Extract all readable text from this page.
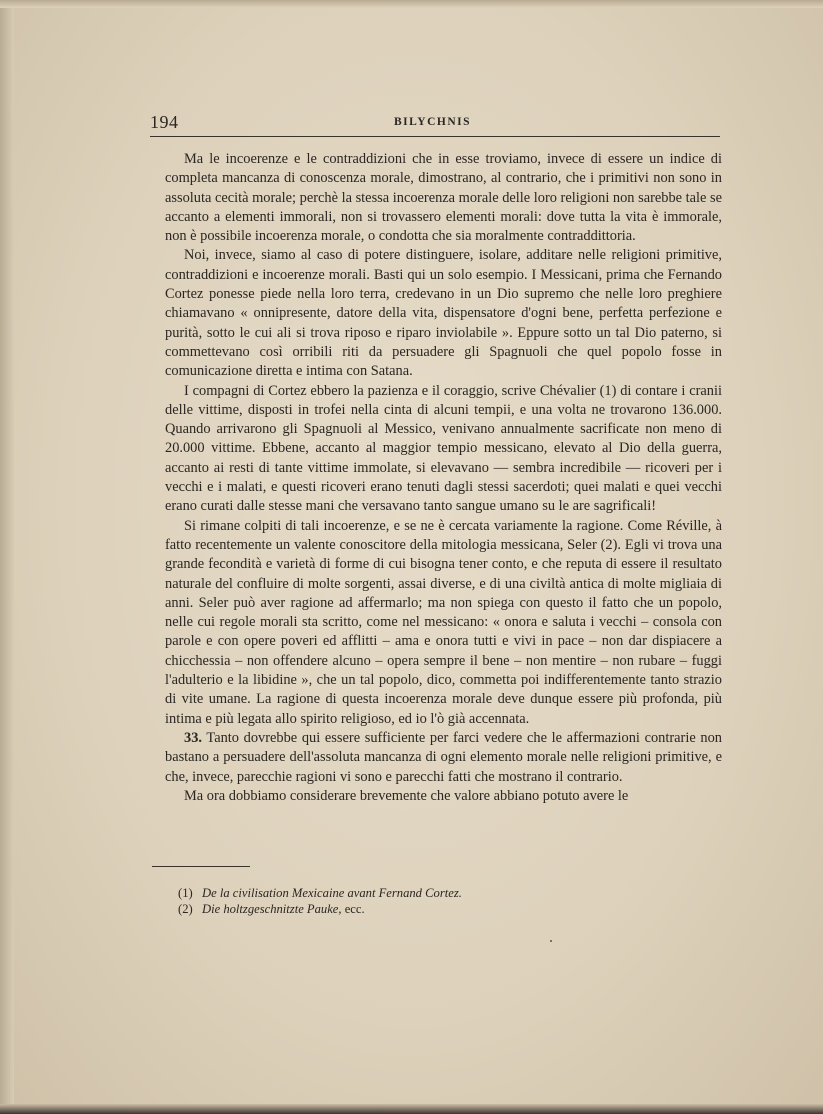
194	BILYCHNIS

Ma le incoerenze e le contraddizioni che in esse troviamo, invece di essere un indice di completa mancanza di conoscenza morale, dimostrano, al contrario, che i primitivi non sono in assoluta cecità morale; perchè la stessa incoerenza morale delle loro religioni non sarebbe tale se accanto a elementi immorali, non si trovassero elementi morali: dove tutta la vita è immorale, non è possibile incoerenza morale, o condotta che sia moralmente contraddittoria.

Noi, invece, siamo al caso di potere distinguere, isolare, additare nelle religioni primitive, contraddizioni e incoerenze morali. Basti qui un solo esempio. I Messicani, prima che Fernando Cortez ponesse piede nella loro terra, credevano in un Dio supremo che nelle loro preghiere chiamavano « onnipresente, datore della vita, dispensatore d'ogni bene, perfetta perfezione e purità, sotto le cui ali si trova riposo e riparo inviolabile ». Eppure sotto un tal Dio paterno, si commettevano così orribili riti da persuadere gli Spagnuoli che quel popolo fosse in comunicazione diretta e intima con Satana.

I compagni di Cortez ebbero la pazienza e il coraggio, scrive Chévalier (1) di contare i cranii delle vittime, disposti in trofei nella cinta di alcuni tempii, e una volta ne trovarono 136.000. Quando arrivarono gli Spagnuoli al Messico, venivano annualmente sacrificate non meno di 20.000 vittime. Ebbene, accanto al maggior tempio messicano, elevato al Dio della guerra, accanto ai resti di tante vittime immolate, si elevavano — sembra incredibile — ricoveri per i vecchi e i malati, e questi ricoveri erano tenuti dagli stessi sacerdoti; quei malati e quei vecchi erano curati dalle stesse mani che versavano tanto sangue umano su le are sagrificali!

Si rimane colpiti di tali incoerenze, e se ne è cercata variamente la ragione. Come Réville, à fatto recentemente un valente conoscitore della mitologia messicana, Seler (2). Egli vi trova una grande fecondità e varietà di forme di cui bisogna tener conto, e che reputa di essere il resultato naturale del confluire di molte sorgenti, assai diverse, e di una civiltà antica di molte migliaia di anni. Seler può aver ragione ad affermarlo; ma non spiega con questo il fatto che un popolo, nelle cui regole morali sta scritto, come nel messicano: « onora e saluta i vecchi – consola con parole e con opere poveri ed afflitti – ama e onora tutti e vivi in pace – non dar dispiacere a chicchessia – non offendere alcuno – opera sempre il bene – non mentire – non rubare – fuggi l'adulterio e la libidine », che un tal popolo, dico, commetta poi indifferentemente tanto strazio di vite umane. La ragione di questa incoerenza morale deve dunque essere più profonda, più intima e più legata allo spirito religioso, ed io l'ò già accennata.

33. Tanto dovrebbe qui essere sufficiente per farci vedere che le affermazioni contrarie non bastano a persuadere dell'assoluta mancanza di ogni elemento morale nelle religioni primitive, e che, invece, parecchie ragioni vi sono e parecchi fatti che mostrano il contrario.

Ma ora dobbiamo considerare brevemente che valore abbiano potuto avere le

(1) De la civilisation Mexicaine avant Fernand Cortez.
(2) Die holtzgeschnitzte Pauke, ecc.
